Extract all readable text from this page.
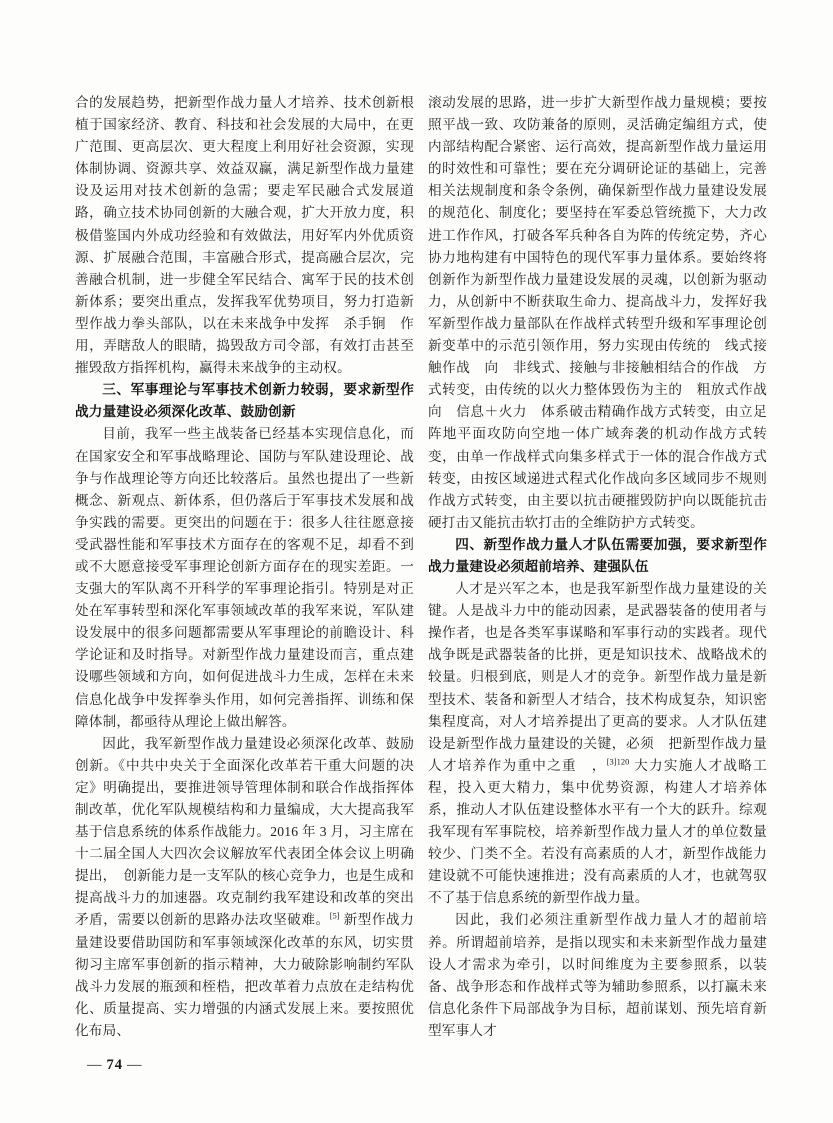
合的发展趋势，把新型作战力量人才培养、技术创新根植于国家经济、教育、科技和社会发展的大局中，在更广范围、更高层次、更大程度上利用好社会资源，实现体制协调、资源共享、效益双赢，满足新型作战力量建设及运用对技术创新的急需；要走军民融合式发展道路，确立技术协同创新的大融合观，扩大开放力度，积极借鉴国内外成功经验和有效做法，用好军内外优质资源、扩展融合范围，丰富融合形式，提高融合层次，完善融合机制，进一步健全军民结合、寓军于民的技术创新体系；要突出重点，发挥我军优势项目，努力打造新型作战力拳头部队，以在未来战争中发挥　杀手锏　作用，弄瞎敌人的眼睛，捣毁敌方司令部，有效打击甚至摧毁敌方指挥机构，赢得未来战争的主动权。

三、军事理论与军事技术创新力较弱，要求新型作战力量建设必须深化改革、鼓励创新

目前，我军一些主战装备已经基本实现信息化，而在国家安全和军事战略理论、国防与军队建设理论、战争与作战理论等方向还比较落后。虽然也提出了一些新概念、新观点、新体系，但仍落后于军事技术发展和战争实践的需要。更突出的问题在于：很多人往往愿意接受武器性能和军事技术方面存在的客观不足，却看不到或不大愿意接受军事理论创新方面存在的现实差距。一支强大的军队离不开科学的军事理论指引。特别是对正处在军事转型和深化军事领域改革的我军来说，军队建设发展中的很多问题都需要从军事理论的前瞻设计、科学论证和及时指导。对新型作战力量建设而言，重点建设哪些领域和方向，如何促进战斗力生成，怎样在未来信息化战争中发挥拳头作用，如何完善指挥、训练和保障体制，都亟待从理论上做出解答。

因此，我军新型作战力量建设必须深化改革、鼓励创新。《中共中央关于全面深化改革若干重大问题的决定》明确提出，要推进领导管理体制和联合作战指挥体制改革，优化军队规模结构和力量编成，大大提高我军基于信息系统的体系作战能力。2016 年 3 月，习主席在十二届全国人大四次会议解放军代表团全体会议上明确提出，　创新能力是一支军队的核心竞争力，也是生成和提高战斗力的加速器。攻克制约我军建设和改革的突出矛盾，需要以创新的思路办法攻坚破难。[5] 新型作战力量建设要借助国防和军事领域深化改革的东风，切实贯彻习主席军事创新的指示精神，大力破除影响制约军队战斗力发展的瓶颈和桎梏，把改革着力点放在走结构优化、质量提高、实力增强的内涵式发展上来。要按照优化布局、

滚动发展的思路，进一步扩大新型作战力量规模；要按照平战一致、攻防兼备的原则，灵活确定编组方式，使内部结构配合紧密、运行高效，提高新型作战力量运用的时效性和可靠性；要在充分调研论证的基础上，完善相关法规制度和条令条例，确保新型作战力量建设发展的规范化、制度化；要坚持在军委总管统揽下，大力改进工作作风，打破各军兵种各自为阵的传统定势，齐心协力地构建有中国特色的现代军事力量体系。要始终将创新作为新型作战力量建设发展的灵魂，以创新为驱动力，从创新中不断获取生命力、提高战斗力，发挥好我军新型作战力量部队在作战样式转型升级和军事理论创新变革中的示范引领作用，努力实现由传统的　线式接触作战　向　非线式、接触与非接触相结合的作战　方式转变，由传统的以火力整体毁伤为主的　粗放式作战　向　信息＋火力　体系破击精确作战方式转变，由立足阵地平面攻防向空地一体广域奔袭的机动作战方式转变，由单一作战样式向集多样式于一体的混合作战方式转变，由按区域递进式程式化作战向多区域同步不规则作战方式转变，由主要以抗击硬摧毁防护向以既能抗击硬打击又能抗击软打击的全维防护方式转变。

四、新型作战力量人才队伍需要加强，要求新型作战力量建设必须超前培养、建强队伍

人才是兴军之本，也是我军新型作战力量建设的关键。人是战斗力中的能动因素，是武器装备的使用者与操作者，也是各类军事谋略和军事行动的实践者。现代战争既是武器装备的比拼，更是知识技术、战略战术的较量。归根到底，则是人才的竞争。新型作战力量是新型技术、装备和新型人才结合，技术构成复杂，知识密集程度高，对人才培养提出了更高的要求。人才队伍建设是新型作战力量建设的关键，必须　把新型作战力量人才培养作为重中之重　，$^{[3]120}$ 大力实施人才战略工程，投入更大精力，集中优势资源，构建人才培养体系，推动人才队伍建设整体水平有一个大的跃升。综观我军现有军事院校，培养新型作战力量人才的单位数量较少、门类不全。若没有高素质的人才，新型作战能力建设就不可能快速推进；没有高素质的人才，也就驾驭不了基于信息系统的新型作战力量。

因此，我们必须注重新型作战力量人才的超前培养。所谓超前培养，是指以现实和未来新型作战力量建设人才需求为牵引，以时间维度为主要参照系，以装备、战争形态和作战样式等为辅助参照系，以打赢未来信息化条件下局部战争为目标，超前谋划、预先培育新型军事人才

— 74 —
